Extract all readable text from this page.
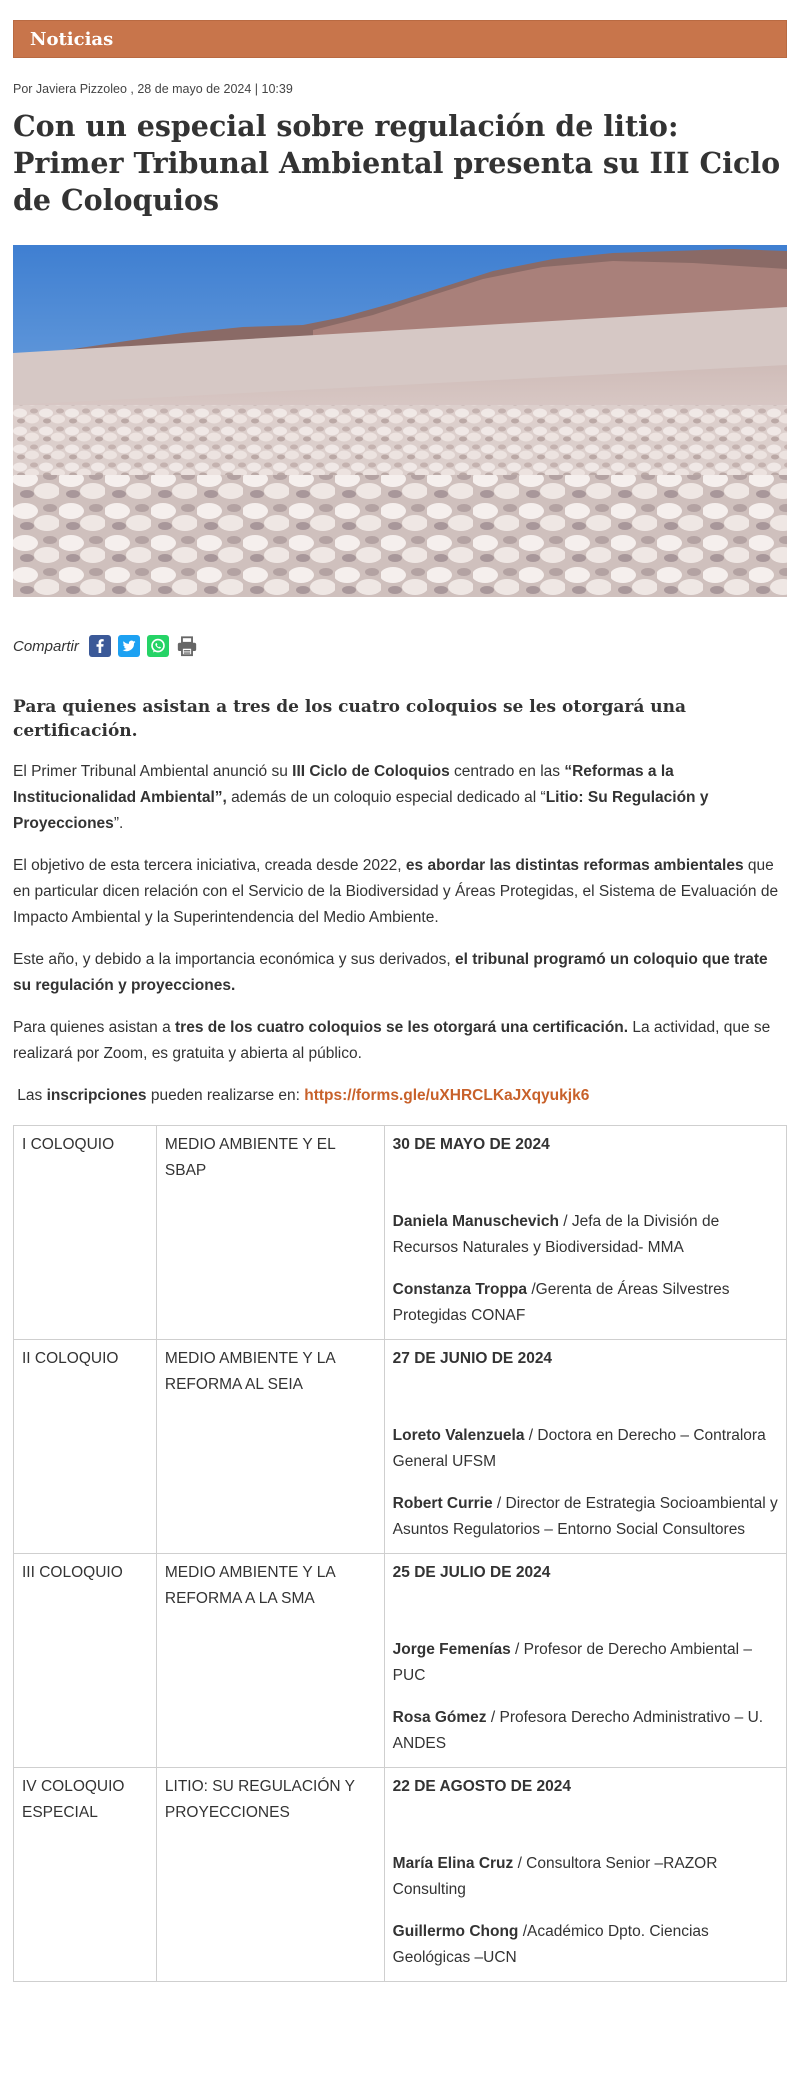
Noticias
Por Javiera Pizzoleo , 28 de mayo de 2024 | 10:39
Con un especial sobre regulación de litio: Primer Tribunal Ambiental presenta su III Ciclo de Coloquios
Compartir
Para quienes asistan a tres de los cuatro coloquios se les otorgará una certificación.

El Primer Tribunal Ambiental anunció su III Ciclo de Coloquios centrado en las “Reformas a la Institucionalidad Ambiental”, además de un coloquio especial dedicado al “Litio: Su Regulación y Proyecciones”.

El objetivo de esta tercera iniciativa, creada desde 2022, es abordar las distintas reformas ambientales que en particular dicen relación con el Servicio de la Biodiversidad y Áreas Protegidas, el Sistema de Evaluación de Impacto Ambiental y la Superintendencia del Medio Ambiente.

Este año, y debido a la importancia económica y sus derivados, el tribunal programó un coloquio que trate su regulación y proyecciones.

Para quienes asistan a tres de los cuatro coloquios se les otorgará una certificación. La actividad, que se realizará por Zoom, es gratuita y abierta al público.

Las inscripciones pueden realizarse en: https://forms.gle/uXHRCLKaJXqyukjk6

I COLOQUIO	MEDIO AMBIENTE Y EL SBAP	30 DE MAYO DE 2024
Daniela Manuschevich / Jefa de la División de Recursos Naturales y Biodiversidad- MMA
Constanza Troppa /Gerenta de Áreas Silvestres Protegidas CONAF

II COLOQUIO	MEDIO AMBIENTE Y LA REFORMA AL SEIA	27 DE JUNIO DE 2024
Loreto Valenzuela / Doctora en Derecho – Contralora General UFSM
Robert Currie / Director de Estrategia Socioambiental y Asuntos Regulatorios – Entorno Social Consultores

III COLOQUIO	MEDIO AMBIENTE Y LA REFORMA A LA SMA	25 DE JULIO DE 2024
Jorge Femenías / Profesor de Derecho Ambiental – PUC
Rosa Gómez / Profesora Derecho Administrativo – U. ANDES

IV COLOQUIO ESPECIAL	LITIO: SU REGULACIÓN Y PROYECCIONES	22 DE AGOSTO DE 2024
María Elina Cruz / Consultora Senior –RAZOR Consulting
Guillermo Chong /Académico Dpto. Ciencias Geológicas –UCN
